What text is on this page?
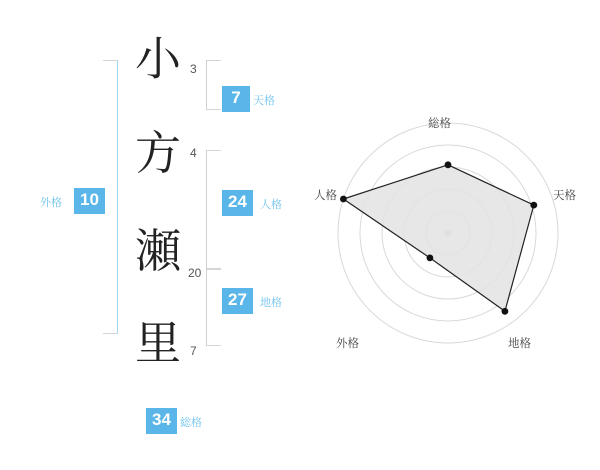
小
方
瀬
里
3
4
20
7
7	天格
24	人格
27	地格
10
外格
34 総格
総格
天格
地格
外格
人格
